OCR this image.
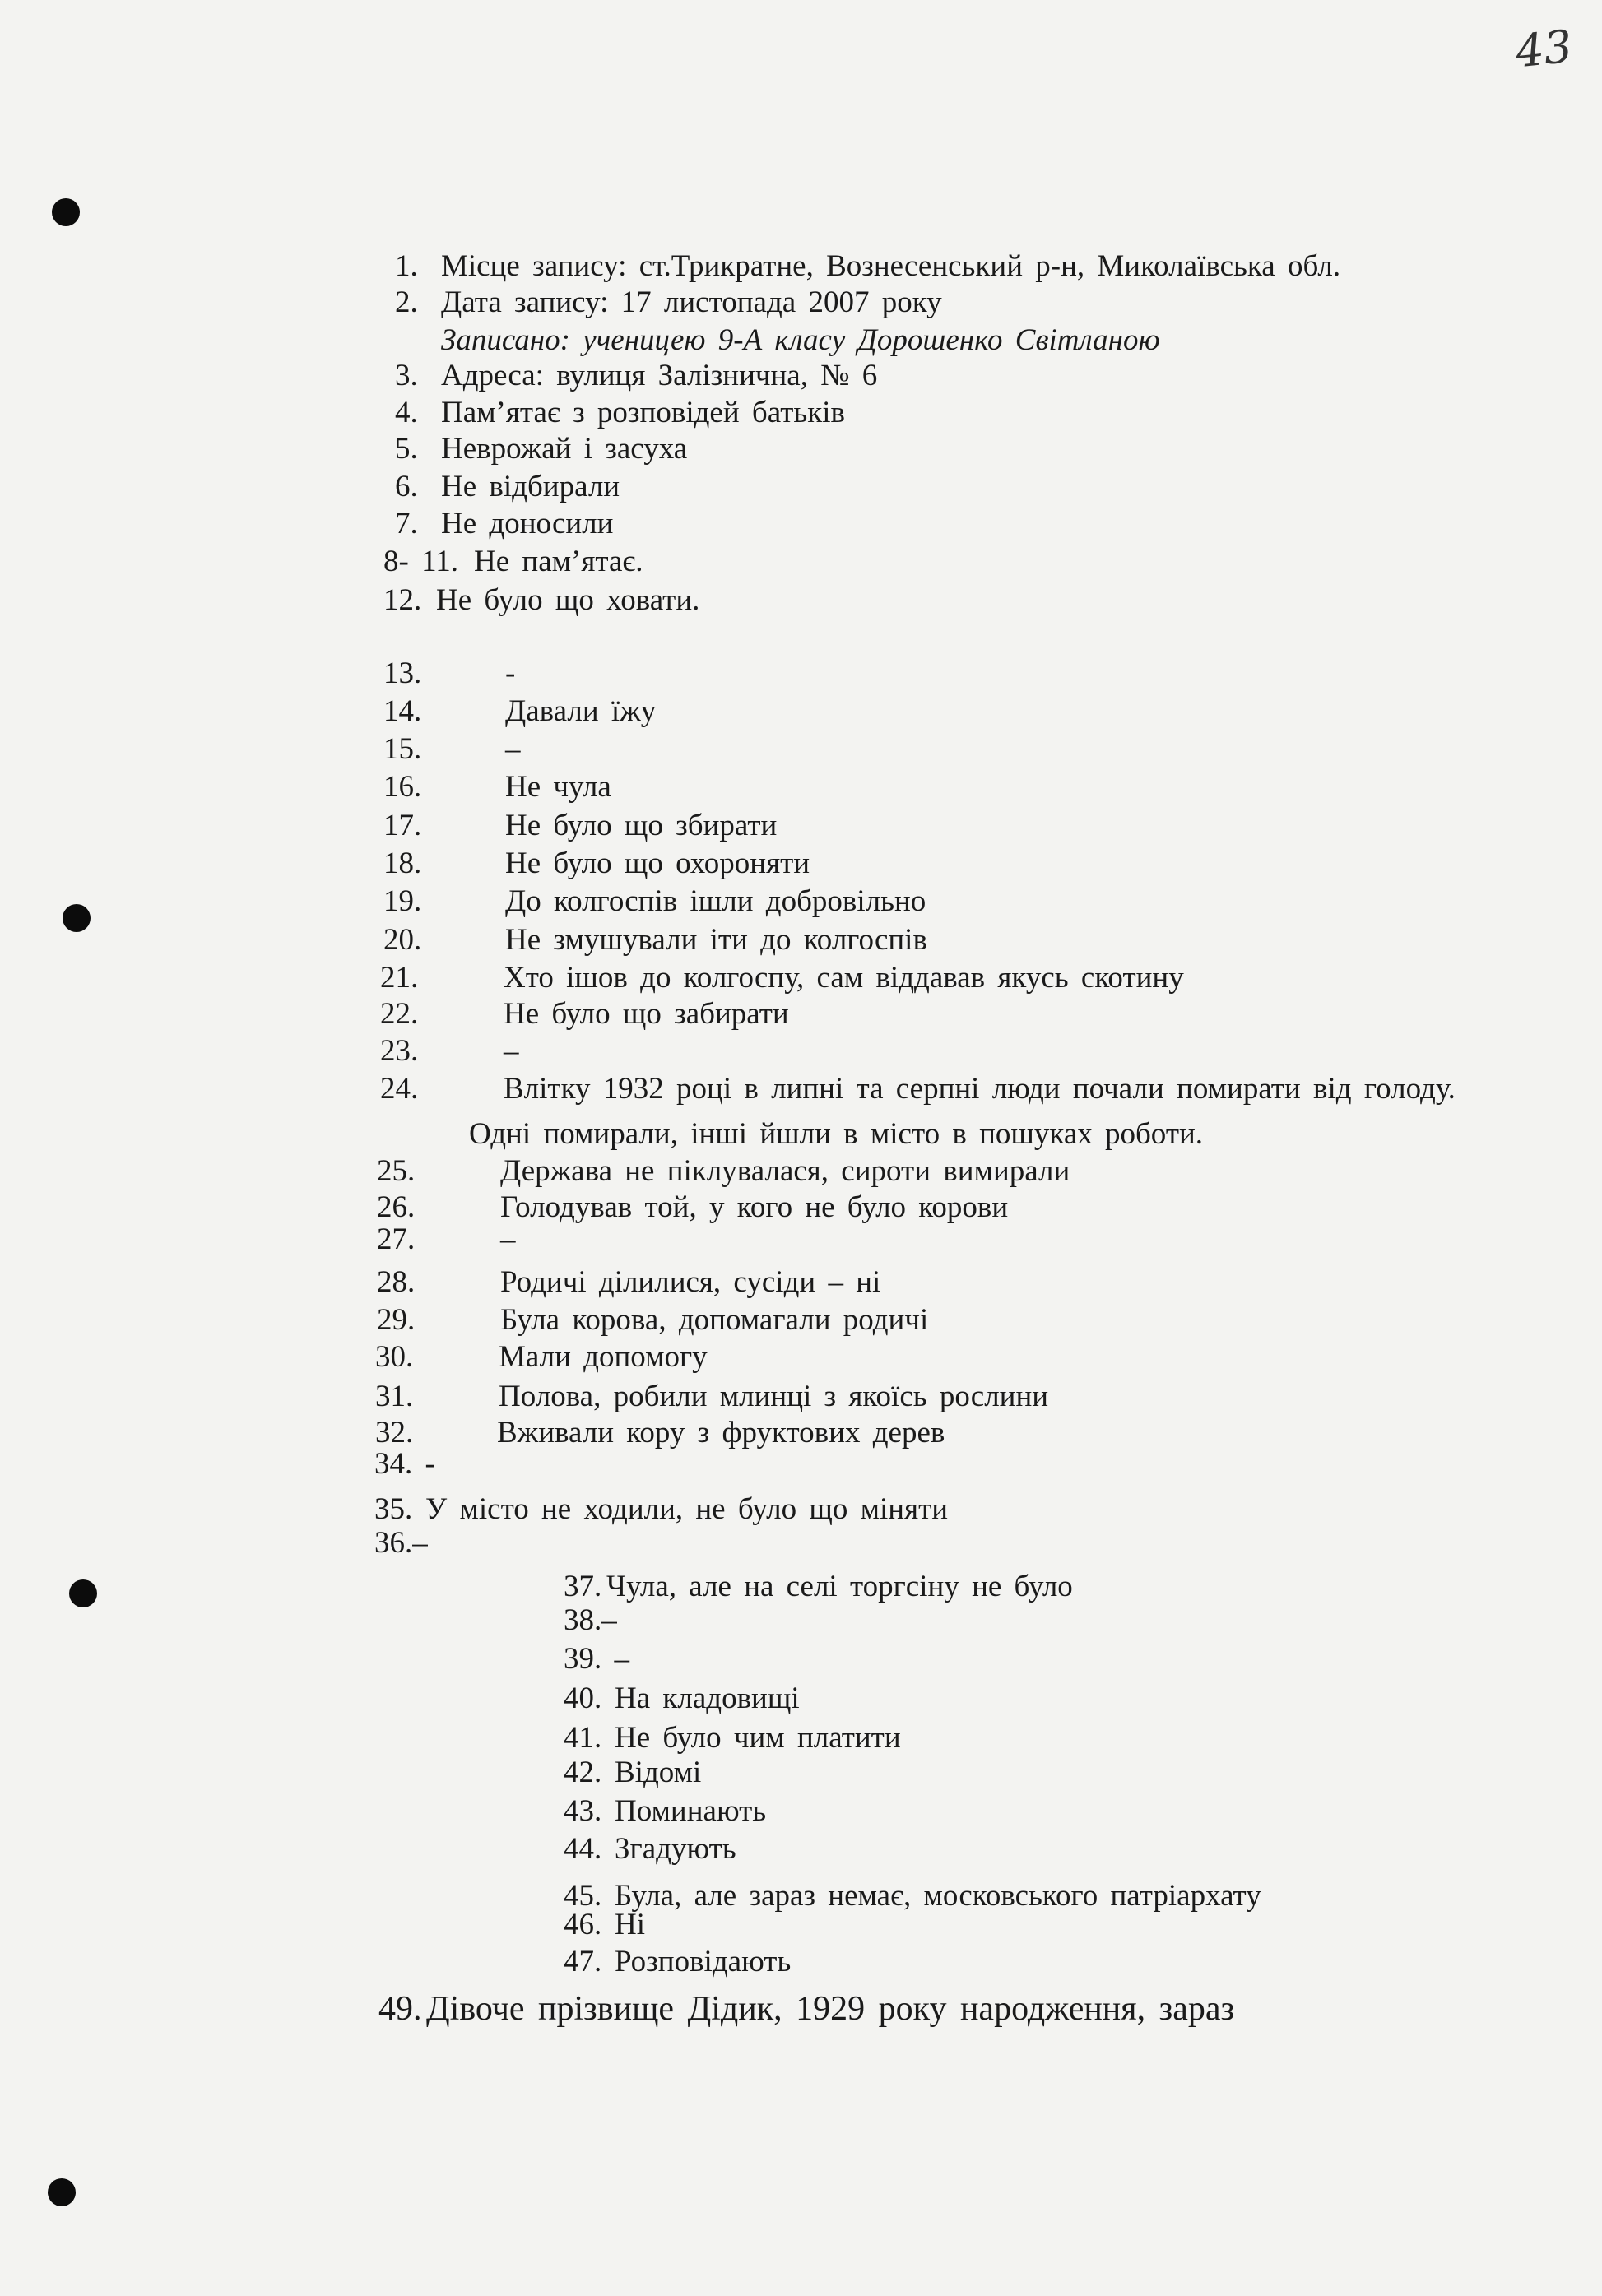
43
1. Місце запису: ст.Трикратне, Вознесенський р-н, Миколаївська обл.
2. Дата запису: 17 листопада 2007 року
Записано: ученицею 9-А класу Дорошенко Світланою
3. Адреса: вулиця Залізнична, № 6
4. Пам’ятає з розповідей батьків
5. Неврожай і засуха
6. Не відбирали
7. Не доносили
8- 11. Не пам’ятає.
12. Не було що ховати.
13.	-
14.	Давали їжу
15.	–
16.	Не чула
17.	Не було що збирати
18.	Не було що охороняти
19.	До колгоспів ішли добровільно
20.	Не змушували іти до колгоспів
21.	Хто ішов до колгоспу, сам віддавав якусь скотину
22.	Не було що забирати
23.	–
24.	Влітку 1932 році в липні та серпні люди почали помирати від голоду.
Одні помирали, інші йшли в місто в пошуках роботи.
25.	Держава не піклувалася, сироти вимирали
26.	Голодував той, у кого не було корови
27.	–
28.	Родичі ділилися, сусіди – ні
29.	Була корова, допомагали родичі
30.	Мали допомогу
31.	Полова, робили млинці з якоїсь рослини
32.	Вживали кору з фруктових дерев
34. -
35. У місто не ходили, не було що міняти
36.–
37. Чула, але на селі торгсіну не було
38.–
39. –
40. На кладовищі
41. Не було чим платити
42. Відомі
43. Поминають
44. Згадують
45. Була, але зараз немає, московського патріархату
46. Ні
47. Розповідають
49. Дівоче прізвище Дідик, 1929 року народження, зараз
